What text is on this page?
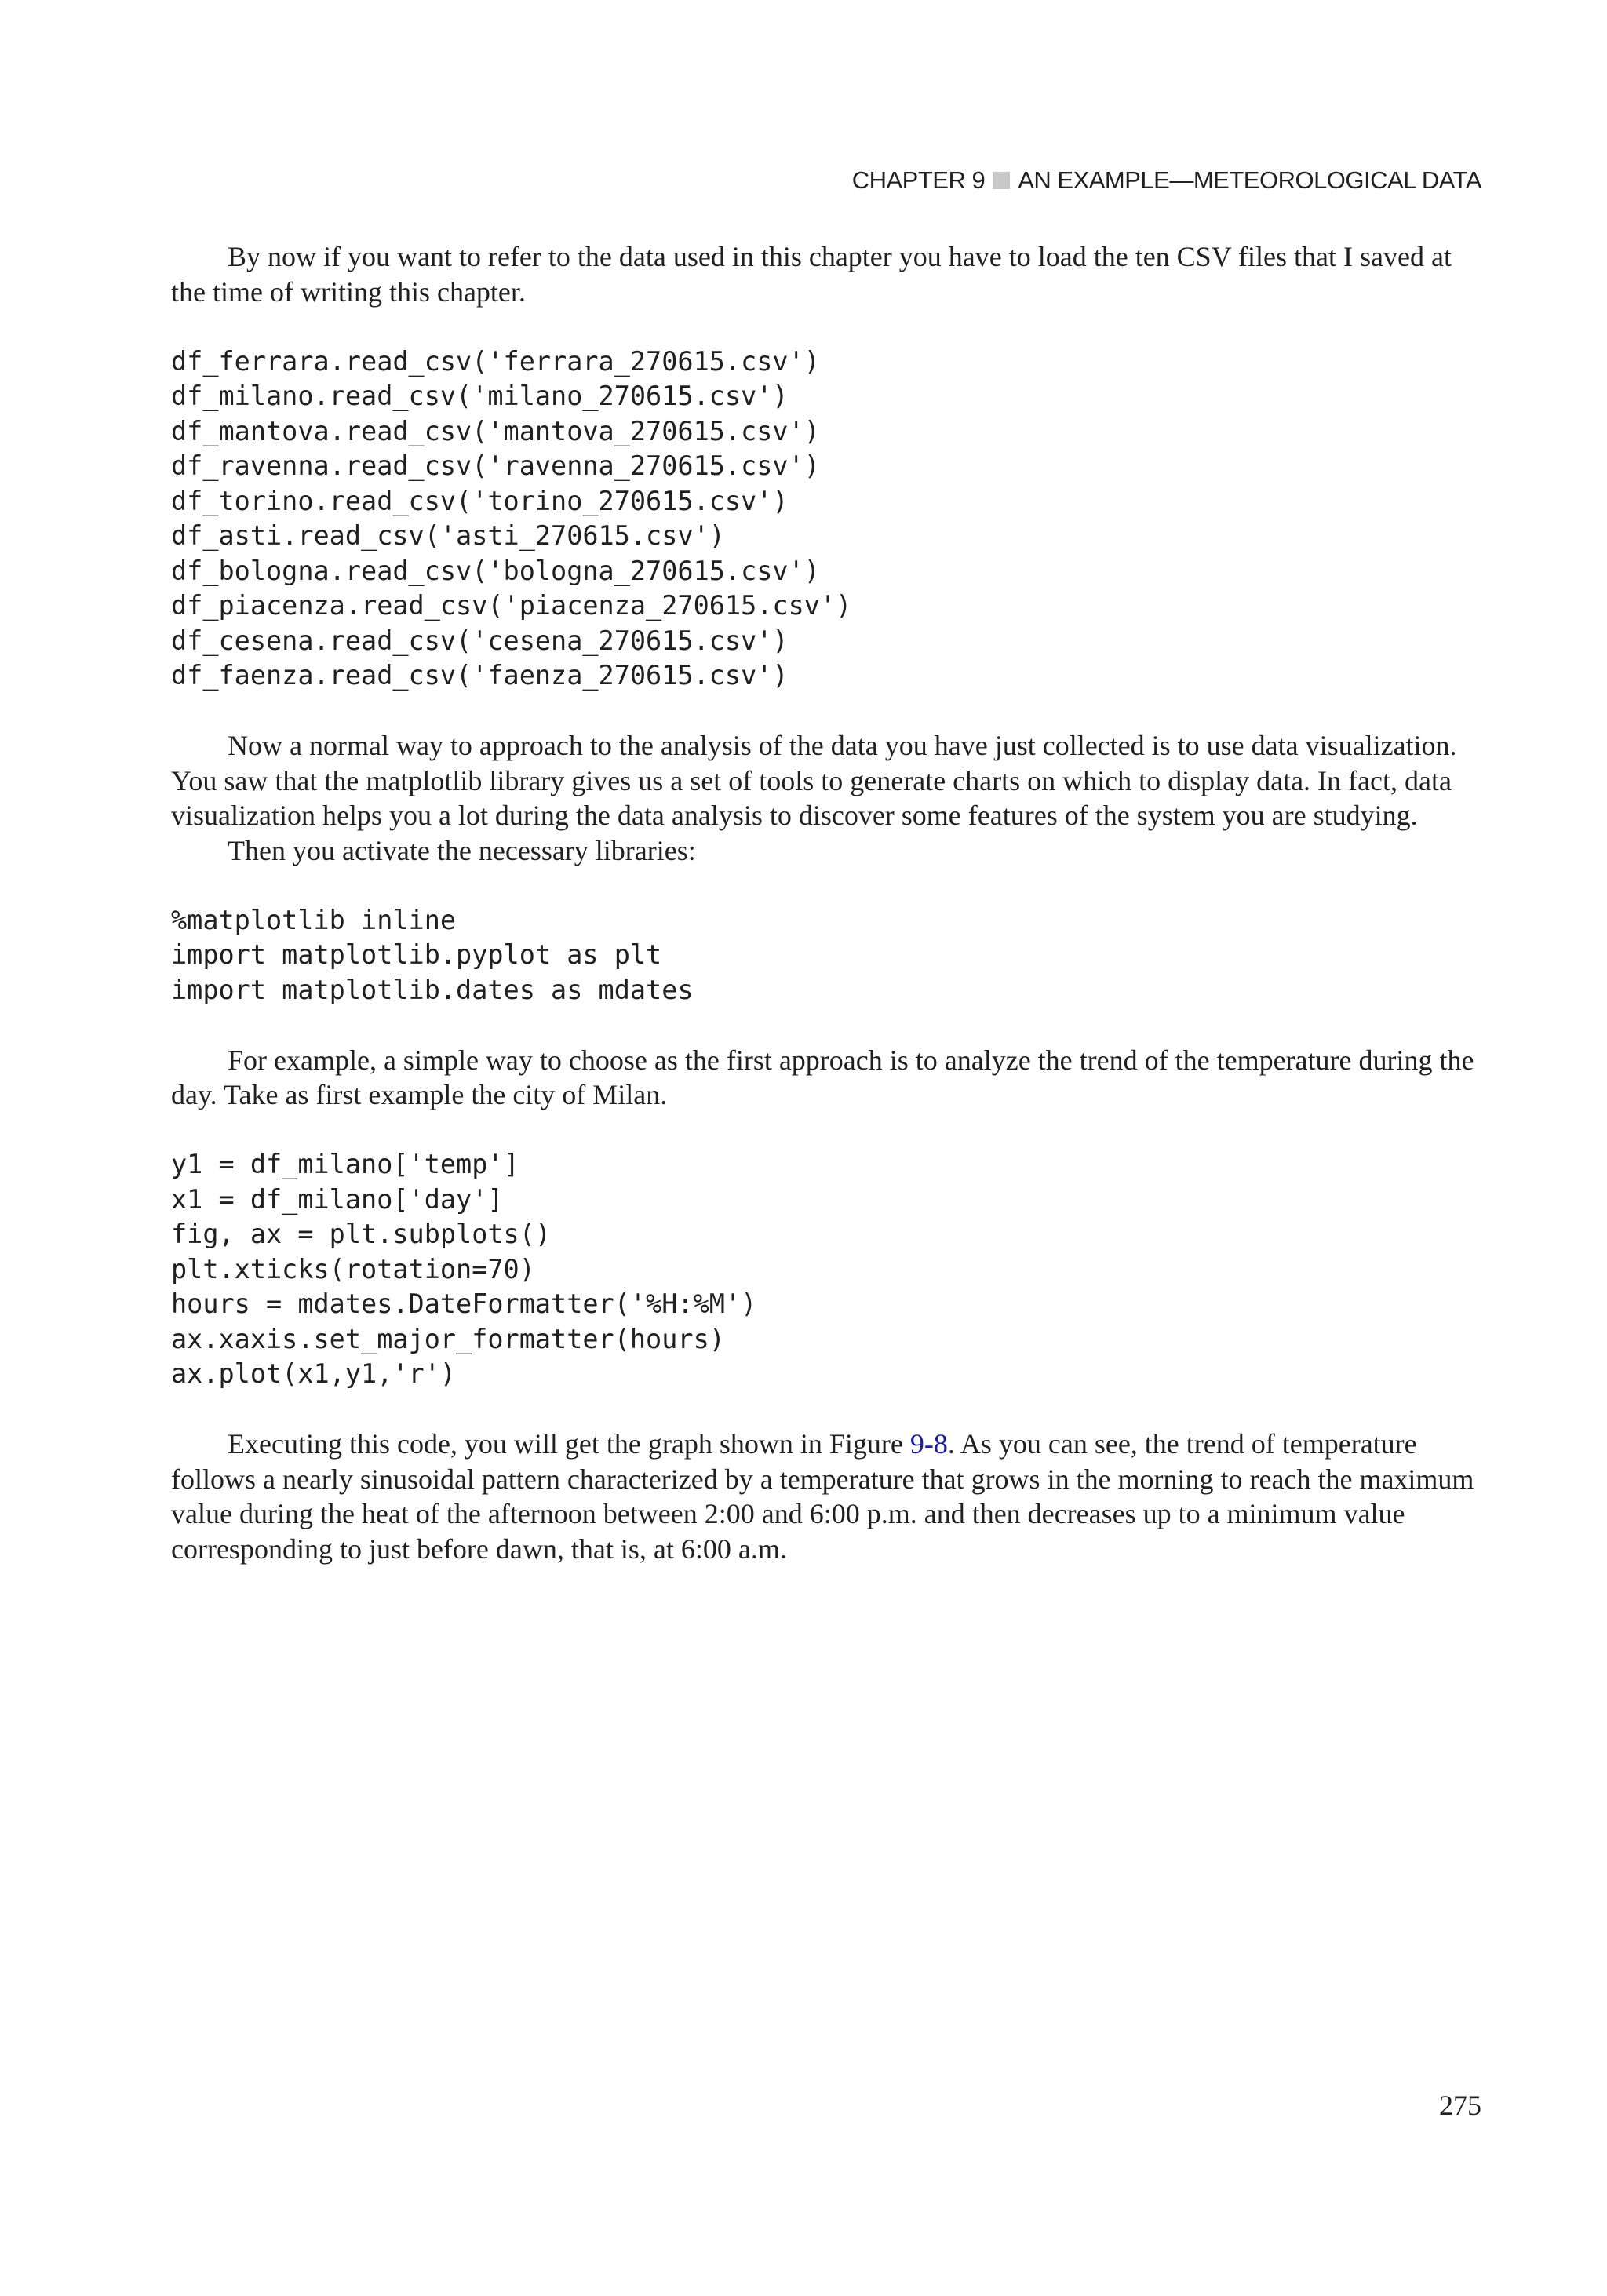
CHAPTER 9 AN EXAMPLE—METEOROLOGICAL DATA

By now if you want to refer to the data used in this chapter you have to load the ten CSV files that I saved at the time of writing this chapter.

df_ferrara.read_csv('ferrara_270615.csv')
df_milano.read_csv('milano_270615.csv')
df_mantova.read_csv('mantova_270615.csv')
df_ravenna.read_csv('ravenna_270615.csv')
df_torino.read_csv('torino_270615.csv')
df_asti.read_csv('asti_270615.csv')
df_bologna.read_csv('bologna_270615.csv')
df_piacenza.read_csv('piacenza_270615.csv')
df_cesena.read_csv('cesena_270615.csv')
df_faenza.read_csv('faenza_270615.csv')

Now a normal way to approach to the analysis of the data you have just collected is to use data visualization. You saw that the matplotlib library gives us a set of tools to generate charts on which to display data. In fact, data visualization helps you a lot during the data analysis to discover some features of the system you are studying.

Then you activate the necessary libraries:

%matplotlib inline
import matplotlib.pyplot as plt
import matplotlib.dates as mdates

For example, a simple way to choose as the first approach is to analyze the trend of the temperature during the day. Take as first example the city of Milan.

y1 = df_milano['temp']
x1 = df_milano['day']
fig, ax = plt.subplots()
plt.xticks(rotation=70)
hours = mdates.DateFormatter('%H:%M')
ax.xaxis.set_major_formatter(hours)
ax.plot(x1,y1,'r')

Executing this code, you will get the graph shown in Figure 9-8. As you can see, the trend of temperature follows a nearly sinusoidal pattern characterized by a temperature that grows in the morning to reach the maximum value during the heat of the afternoon between 2:00 and 6:00 p.m. and then decreases up to a minimum value corresponding to just before dawn, that is, at 6:00 a.m.

275
